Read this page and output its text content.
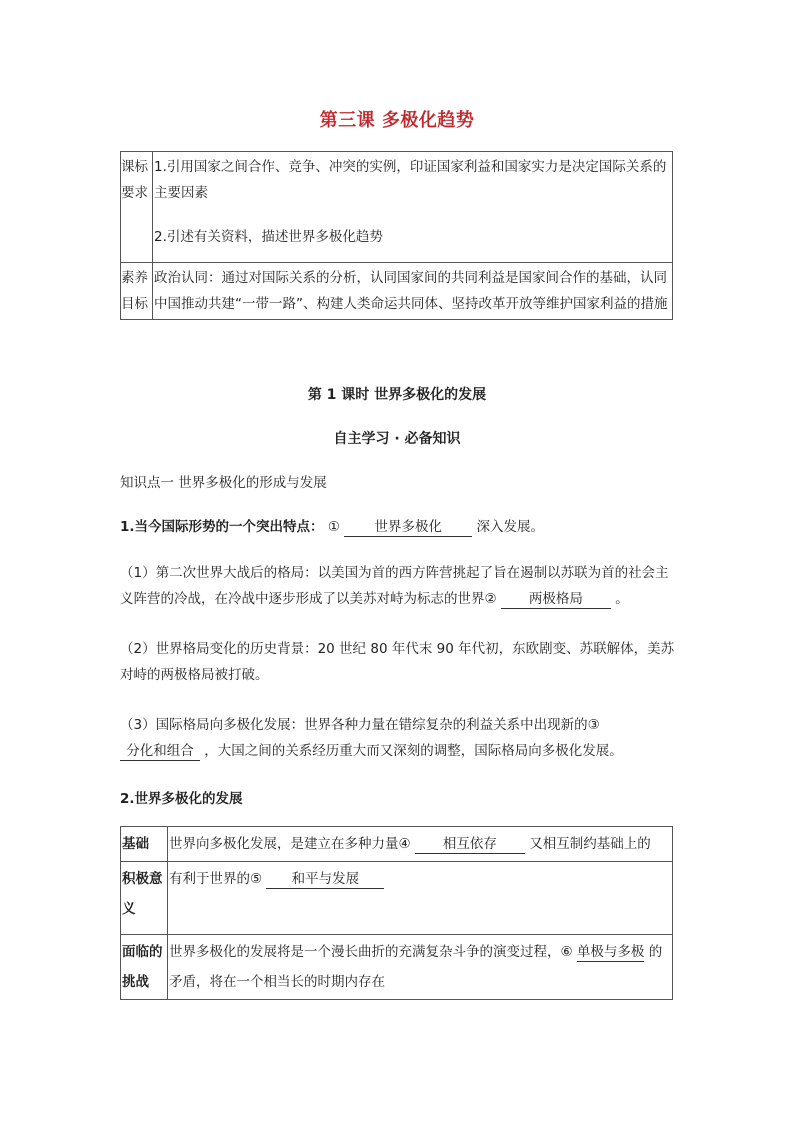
第三课 多极化趋势
课标要求	1.引用国家之间合作、竞争、冲突的实例，印证国家利益和国家实力是决定国际关系的主要因素
2.引述有关资料，描述世界多极化趋势

素养目标	政治认同：通过对国际关系的分析，认同国家间的共同利益是国家间合作的基础，认同中国推动共建“一带一路”、构建人类命运共同体、坚持改革开放等维护国家利益的措施
第 1 课时 世界多极化的发展
自主学习 · 必备知识
知识点一 世界多极化的形成与发展
1.当今国际形势的一个突出特点： ①	世界多极化	深入发展。
（1）第二次世界大战后的格局：以美国为首的西方阵营挑起了旨在遏制以苏联为首的社会主义阵营的冷战，在冷战中逐步形成了以美苏对峙为标志的世界② 两极格局 。
（2）世界格局变化的历史背景：20 世纪 80 年代末 90 年代初，东欧剧变、苏联解体，美苏对峙的两极格局被打破。
（3）国际格局向多极化发展：世界各种力量在错综复杂的利益关系中出现新的③ 分化和组合 ，大国之间的关系经历重大而又深刻的调整，国际格局向多极化发展。
2.世界多极化的发展
基础	世界向多极化发展，是建立在多种力量④ 相互依存 又相互制约基础上的
积极意义	有利于世界的⑤ 和平与发展
面临的挑战	世界多极化的发展将是一个漫长曲折的充满复杂斗争的演变过程，⑥ 单极与多极 的矛盾，将在一个相当长的时期内存在
